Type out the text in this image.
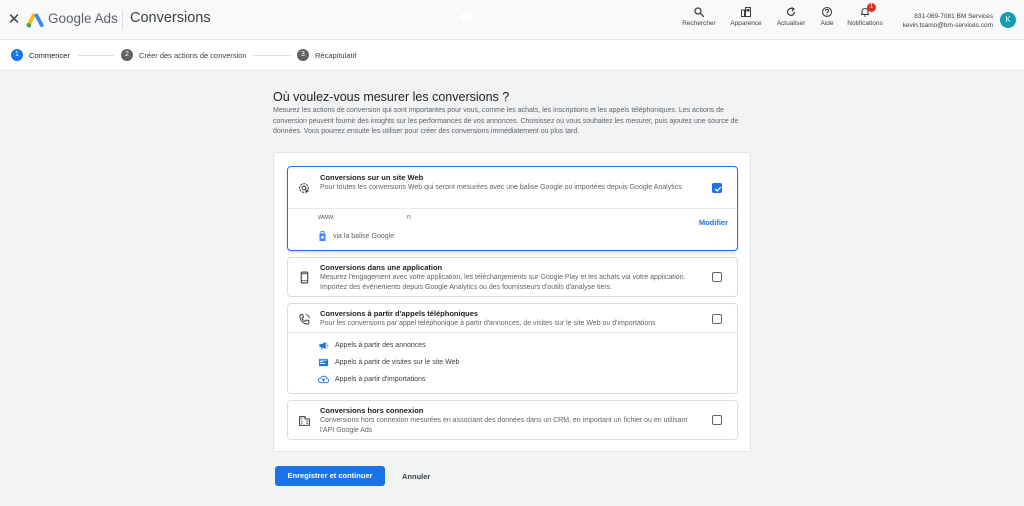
✕ Google Ads Conversions	Rechercher	Apparence	Actualiser	Aide
1
Notifications
831-069-7081 BM Services
kevin.tsamo@bm-services.com
K
1	Commencer	2	Créer des actions de conversion	3	Récapitulatif
Où voulez-vous mesurer les conversions ?
Mesurez les actions de conversion qui sont importantes pour vous, comme les achats, les inscriptions et les appels téléphoniques. Les actions de conversion peuvent fournir des insights sur les performances de vos annonces. Choisissez où vous souhaitez les mesurer, puis ajoutez une source de données. Vous pourrez ensuite les utiliser pour créer des conversions immédiatement ou plus tard.
Conversions sur un site Web
Pour toutes les conversions Web qui seront mesurées avec une balise Google ou importées depuis Google Analytics
www.	n
Modifier
via la balise Google
Conversions dans une application
Mesurez l'engagement avec votre application, les téléchargements sur Google Play et les achats via votre application. Importez des événements depuis Google Analytics ou des fournisseurs d'outils d'analyse tiers.
Conversions à partir d'appels téléphoniques
Pour les conversions par appel téléphonique à partir d'annonces, de visites sur le site Web ou d'importations
Appels à partir des annonces
Appels à partir de visites sur le site Web
Appels à partir d'importations
Conversions hors connexion
Conversions hors connexion mesurées en associant des données dans un CRM, en important un fichier ou en utilisant l'API Google Ads
Enregistrer et continuer	Annuler
